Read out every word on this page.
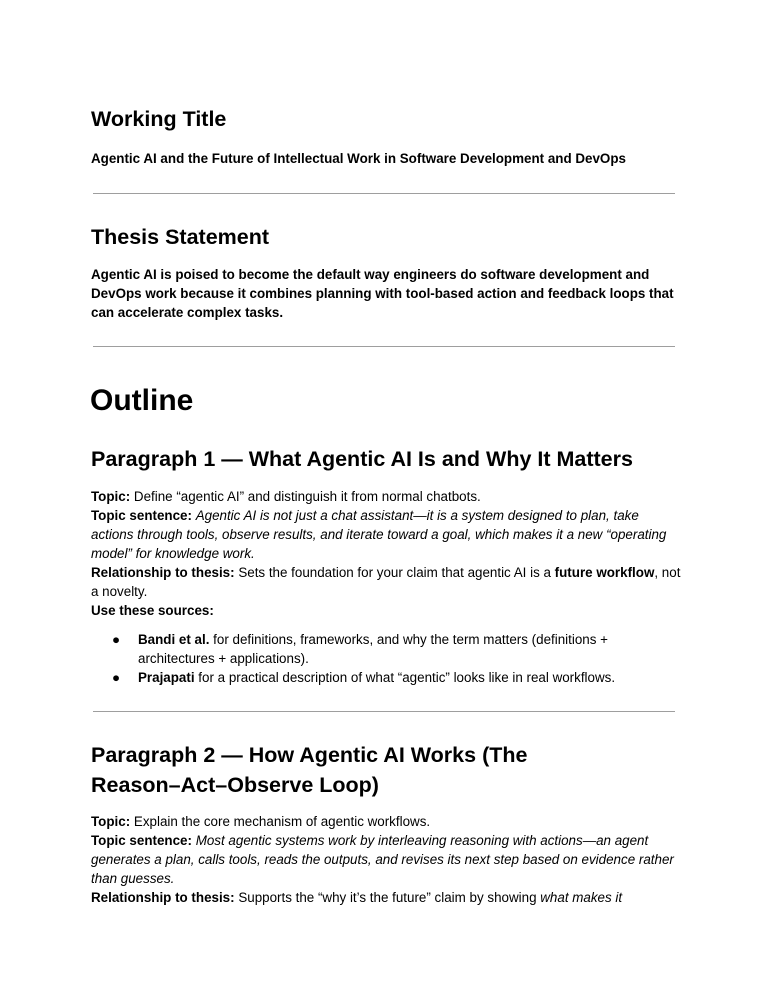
Working Title

Agentic AI and the Future of Intellectual Work in Software Development and DevOps

Thesis Statement

Agentic AI is poised to become the default way engineers do software development and DevOps work because it combines planning with tool-based action and feedback loops that can accelerate complex tasks.

Outline
Paragraph 1 — What Agentic AI Is and Why It Matters
Topic: Define “agentic AI” and distinguish it from normal chatbots.
Topic sentence: Agentic AI is not just a chat assistant—it is a system designed to plan, take actions through tools, observe results, and iterate toward a goal, which makes it a new “operating model” for knowledge work.
Relationship to thesis: Sets the foundation for your claim that agentic AI is a future workflow, not a novelty.
Use these sources:
● Bandi et al. for definitions, frameworks, and why the term matters (definitions + architectures + applications).
● Prajapati for a practical description of what “agentic” looks like in real workflows.
Paragraph 2 — How Agentic AI Works (The Reason–Act–Observe Loop)
Topic: Explain the core mechanism of agentic workflows.
Topic sentence: Most agentic systems work by interleaving reasoning with actions—an agent generates a plan, calls tools, reads the outputs, and revises its next step based on evidence rather than guesses.
Relationship to thesis: Supports the “why it’s the future” claim by showing what makes it
